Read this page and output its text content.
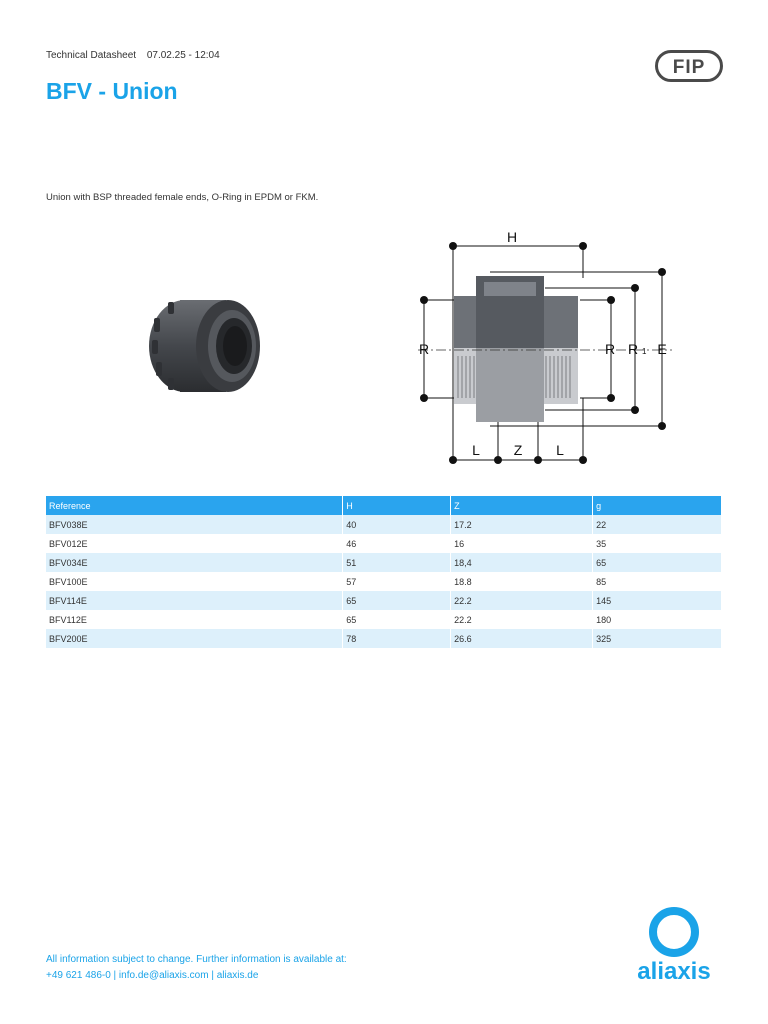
Technical Datasheet 07.02.25 - 12:04
BFV - Union
FIP
Union with BSP threaded female ends, O-Ring in EPDM or FKM.
H
R	R R 1 E
L Z L
Reference	H	Z	g
BFV038E	40	17.2	22
BFV012E	46	16	35
BFV034E	51	18,4	65
BFV100E	57	18.8	85
BFV114E	65	22.2	145
BFV112E	65	22.2	180
BFV200E	78	26.6	325
All information subject to change. Further information is available at:
+49 621 486-0 | info.de@aliaxis.com | aliaxis.de	aliaxis
